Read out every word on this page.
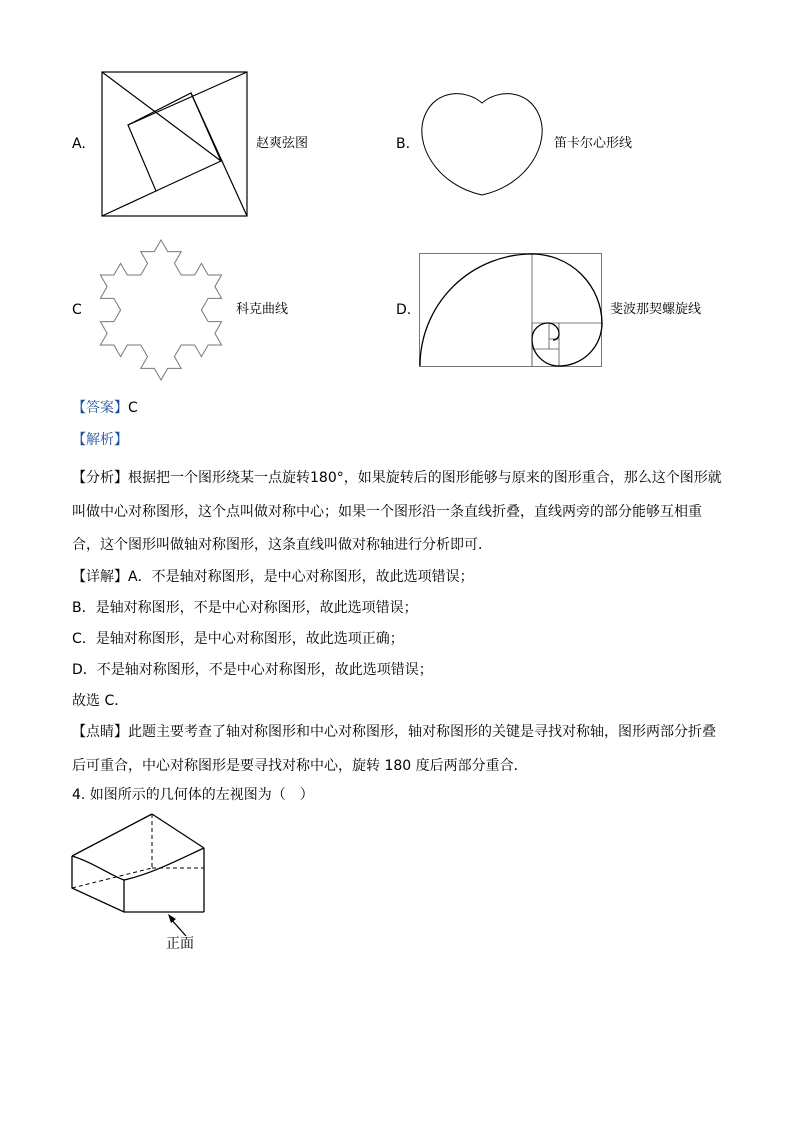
A.	赵爽弦图	B.	笛卡尔心形线
C	科克曲线	D.	斐波那契螺旋线
【答案】C
【解析】
【分析】根据把一个图形绕某一点旋转180°，如果旋转后的图形能够与原来的图形重合，那么这个图形就
叫做中心对称图形，这个点叫做对称中心；如果一个图形沿一条直线折叠，直线两旁的部分能够互相重
合，这个图形叫做轴对称图形，这条直线叫做对称轴进行分析即可．
【详解】A．不是轴对称图形，是中心对称图形，故此选项错误；
B．是轴对称图形，不是中心对称图形，故此选项错误；
C．是轴对称图形，是中心对称图形，故此选项正确；
D．不是轴对称图形，不是中心对称图形，故此选项错误；
故选 C．
【点睛】此题主要考查了轴对称图形和中心对称图形，轴对称图形的关键是寻找对称轴，图形两部分折叠
后可重合，中心对称图形是要寻找对称中心，旋转 180 度后两部分重合．
4. 如图所示的几何体的左视图为（　）
正面
